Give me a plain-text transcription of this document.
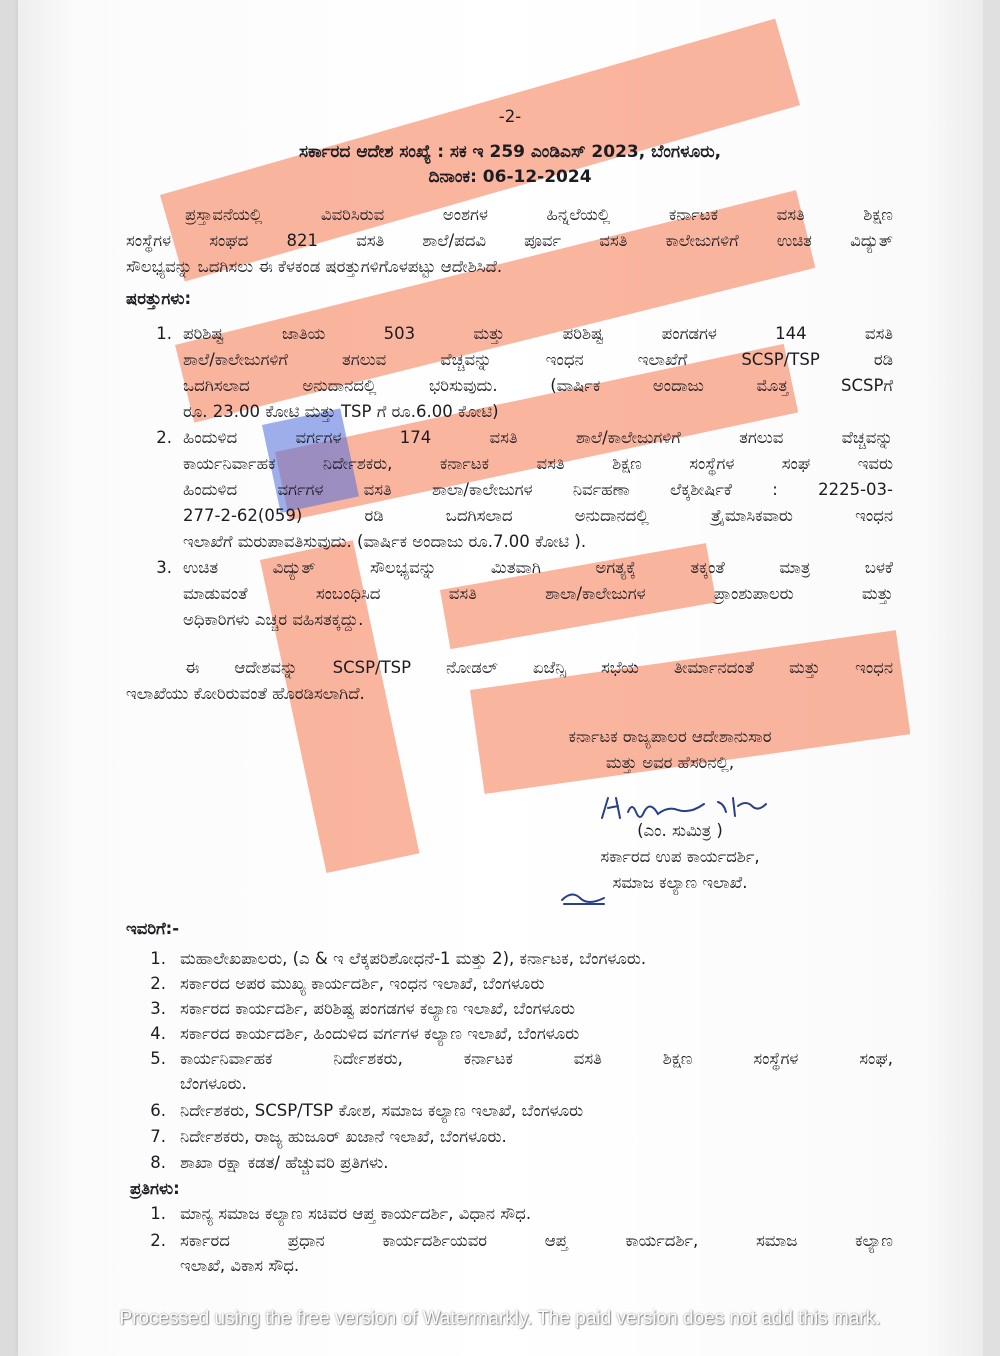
-2-
ಸರ್ಕಾರದ ಆದೇಶ ಸಂಖ್ಯೆ : ಸಕ ಇ 259 ಎಂಡಿಎಸ್ 2023, ಬೆಂಗಳೂರು,
ದಿನಾಂಕ: 06-12-2024
ಪ್ರಸ್ತಾವನೆಯಲ್ಲಿ ವಿವರಿಸಿರುವ ಅಂಶಗಳ ಹಿನ್ನಲೆಯಲ್ಲಿ ಕರ್ನಾಟಕ ವಸತಿ ಶಿಕ್ಷಣ
ಸಂಸ್ಥೆಗಳ ಸಂಘದ 821 ವಸತಿ ಶಾಲೆ/ಪದವಿ ಪೂರ್ವ ವಸತಿ ಕಾಲೇಜುಗಳಿಗೆ ಉಚಿತ ವಿದ್ಯುತ್
ಸೌಲಭ್ಯವನ್ನು ಒದಗಿಸಲು ಈ ಕೆಳಕಂಡ ಷರತ್ತುಗಳಿಗೊಳಪಟ್ಟು ಆದೇಶಿಸಿದೆ.
ಷರತ್ತುಗಳು:
1. ಪರಿಶಿಷ್ಟ ಜಾತಿಯ 503 ಮತ್ತು ಪರಿಶಿಷ್ಟ ಪಂಗಡಗಳ 144 ವಸತಿ
ಶಾಲೆ/ಕಾಲೇಜುಗಳಿಗೆ ತಗಲುವ ವೆಚ್ಚವನ್ನು ಇಂಧನ ಇಲಾಖೆಗೆ SCSP/TSP ರಡಿ
ಒದಗಿಸಲಾದ ಅನುದಾನದಲ್ಲಿ ಭರಿಸುವುದು. (ವಾರ್ಷಿಕ ಅಂದಾಜು ಮೊತ್ತ SCSPಗೆ
ರೂ. 23.00 ಕೋಟಿ ಮತ್ತು TSP ಗೆ ರೂ.6.00 ಕೋಟಿ)
2. ಹಿಂದುಳಿದ ವರ್ಗಗಳ 174 ವಸತಿ ಶಾಲೆ/ಕಾಲೇಜುಗಳಿಗೆ ತಗಲುವ ವೆಚ್ಚವನ್ನು
ಕಾರ್ಯನಿರ್ವಾಹಕ ನಿರ್ದೇಶಕರು, ಕರ್ನಾಟಕ ವಸತಿ ಶಿಕ್ಷಣ ಸಂಸ್ಥೆಗಳ ಸಂಘ ಇವರು
ಹಿಂದುಳಿದ ವರ್ಗಗಳ ವಸತಿ ಶಾಲಾ/ಕಾಲೇಜುಗಳ ನಿರ್ವಹಣಾ ಲೆಕ್ಕಶೀರ್ಷಿಕೆ : 2225-03-
277-2-62(059) ರಡಿ ಒದಗಿಸಲಾದ ಅನುದಾನದಲ್ಲಿ ತ್ರೈಮಾಸಿಕವಾರು ಇಂಧನ
ಇಲಾಖೆಗೆ ಮರುಪಾವತಿಸುವುದು. (ವಾರ್ಷಿಕ ಅಂದಾಜು ರೂ.7.00 ಕೋಟಿ ).
3. ಉಚಿತ ವಿದ್ಯುತ್ ಸೌಲಭ್ಯವನ್ನು ಮಿತವಾಗಿ ಅಗತ್ಯಕ್ಕೆ ತಕ್ಕಂತೆ ಮಾತ್ರ ಬಳಕೆ
ಮಾಡುವಂತೆ ಸಂಬಂಧಿಸಿದ ವಸತಿ ಶಾಲಾ/ಕಾಲೇಜುಗಳ ಪ್ರಾಂಶುಪಾಲರು ಮತ್ತು
ಅಧಿಕಾರಿಗಳು ಎಚ್ಚರ ವಹಿಸತಕ್ಕದ್ದು.
ಈ ಆದೇಶವನ್ನು SCSP/TSP ನೋಡಲ್ ಏಜೆನ್ಸಿ ಸಭೆಯ ತೀರ್ಮಾನದಂತೆ ಮತ್ತು ಇಂಧನ
ಇಲಾಖೆಯು ಕೋರಿರುವಂತೆ ಹೊರಡಿಸಲಾಗಿದೆ.
ಕರ್ನಾಟಕ ರಾಜ್ಯಪಾಲರ ಆದೇಶಾನುಸಾರ
ಮತ್ತು ಅವರ ಹೆಸರಿನಲ್ಲಿ,
(ಎಂ. ಸುಮಿತ್ರ )
ಸರ್ಕಾರದ ಉಪ ಕಾರ್ಯದರ್ಶಿ,
ಸಮಾಜ ಕಲ್ಯಾಣ ಇಲಾಖೆ.
ಇವರಿಗೆ:-
1. ಮಹಾಲೇಖಪಾಲರು, (ಎ & ಇ ಲೆಕ್ಕಪರಿಶೋಧನೆ-1 ಮತ್ತು 2), ಕರ್ನಾಟಕ, ಬೆಂಗಳೂರು.
2. ಸರ್ಕಾರದ ಅಪರ ಮುಖ್ಯ ಕಾರ್ಯದರ್ಶಿ, ಇಂಧನ ಇಲಾಖೆ, ಬೆಂಗಳೂರು
3. ಸರ್ಕಾರದ ಕಾರ್ಯದರ್ಶಿ, ಪರಿಶಿಷ್ಟ ಪಂಗಡಗಳ ಕಲ್ಯಾಣ ಇಲಾಖೆ, ಬೆಂಗಳೂರು
4. ಸರ್ಕಾರದ ಕಾರ್ಯದರ್ಶಿ, ಹಿಂದುಳಿದ ವರ್ಗಗಳ ಕಲ್ಯಾಣ ಇಲಾಖೆ, ಬೆಂಗಳೂರು
5. ಕಾರ್ಯನಿರ್ವಾಹಕ ನಿರ್ದೇಶಕರು, ಕರ್ನಾಟಕ ವಸತಿ ಶಿಕ್ಷಣ ಸಂಸ್ಥೆಗಳ ಸಂಘ,
ಬೆಂಗಳೂರು.
6. ನಿರ್ದೇಶಕರು, SCSP/TSP ಕೋಶ, ಸಮಾಜ ಕಲ್ಯಾಣ ಇಲಾಖೆ, ಬೆಂಗಳೂರು
7. ನಿರ್ದೇಶಕರು, ರಾಜ್ಯ ಹುಜೂರ್ ಖಜಾನೆ ಇಲಾಖೆ, ಬೆಂಗಳೂರು.
8. ಶಾಖಾ ರಕ್ಷಾ ಕಡತ/ ಹೆಚ್ಚುವರಿ ಪ್ರತಿಗಳು.
ಪ್ರತಿಗಳು:
1. ಮಾನ್ಯ ಸಮಾಜ ಕಲ್ಯಾಣ ಸಚಿವರ ಆಪ್ತ ಕಾರ್ಯದರ್ಶಿ, ವಿಧಾನ ಸೌಧ.
2. ಸರ್ಕಾರದ ಪ್ರಧಾನ ಕಾರ್ಯದರ್ಶಿಯವರ ಆಪ್ತ ಕಾರ್ಯದರ್ಶಿ, ಸಮಾಜ ಕಲ್ಯಾಣ
ಇಲಾಖೆ, ವಿಕಾಸ ಸೌಧ.
Processed using the free version of Watermarkly. The paid version does not add this mark.
